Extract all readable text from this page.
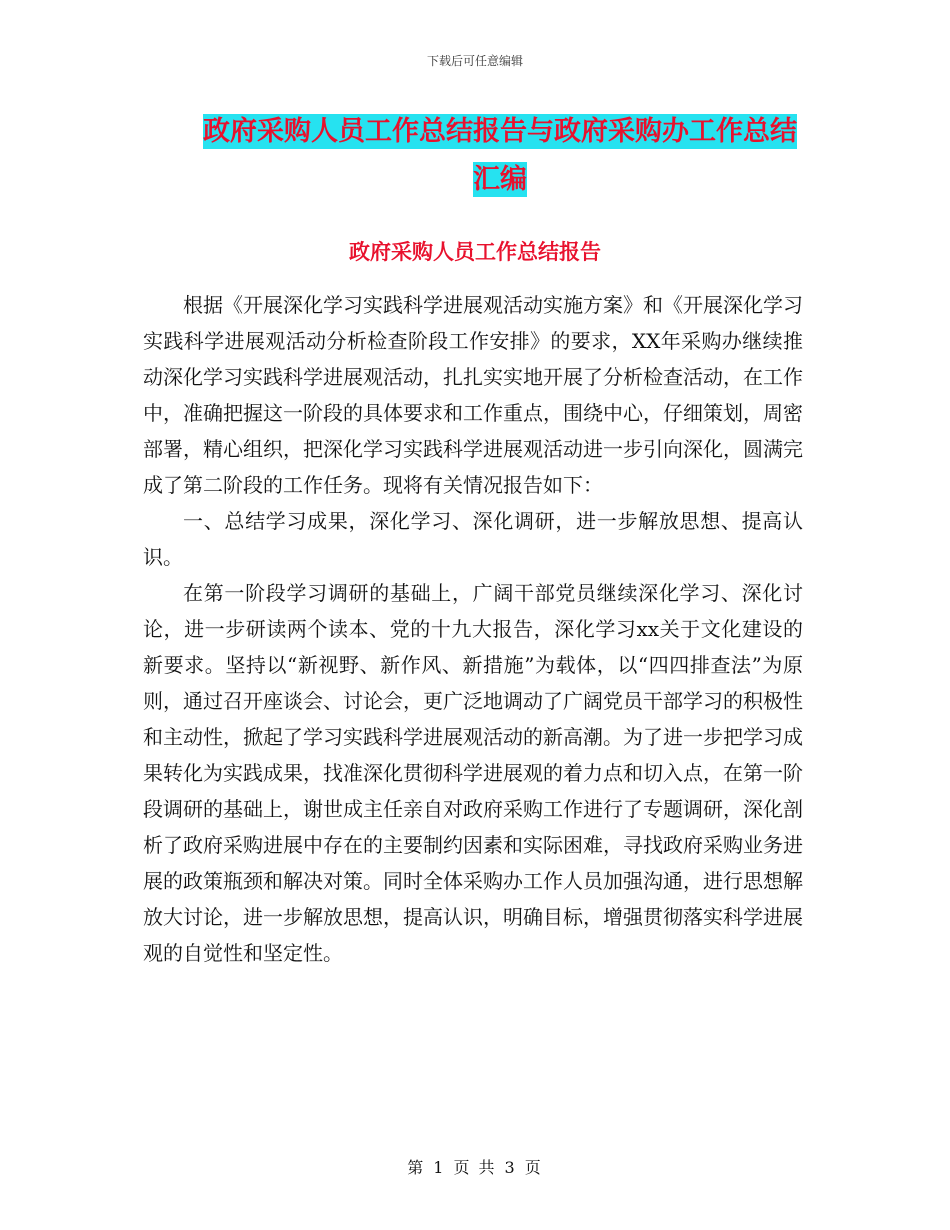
下载后可任意编辑
政府采购人员工作总结报告与政府采购办工作总结汇编
政府采购人员工作总结报告

根据《开展深化学习实践科学进展观活动实施方案》和《开展深化学习实践科学进展观活动分析检查阶段工作安排》的要求，XX年采购办继续推动深化学习实践科学进展观活动，扎扎实实地开展了分析检查活动，在工作中，准确把握这一阶段的具体要求和工作重点，围绕中心，仔细策划，周密部署，精心组织，把深化学习实践科学进展观活动进一步引向深化，圆满完成了第二阶段的工作任务。现将有关情况报告如下：

一、总结学习成果，深化学习、深化调研，进一步解放思想、提高认识。

在第一阶段学习调研的基础上，广阔干部党员继续深化学习、深化讨论，进一步研读两个读本、党的十九大报告，深化学习xx关于文化建设的新要求。坚持以“新视野、新作风、新措施”为载体，以“四四排查法”为原则，通过召开座谈会、讨论会，更广泛地调动了广阔党员干部学习的积极性和主动性，掀起了学习实践科学进展观活动的新高潮。为了进一步把学习成果转化为实践成果，找准深化贯彻科学进展观的着力点和切入点，在第一阶段调研的基础上，谢世成主任亲自对政府采购工作进行了专题调研，深化剖析了政府采购进展中存在的主要制约因素和实际困难，寻找政府采购业务进展的政策瓶颈和解决对策。同时全体采购办工作人员加强沟通，进行思想解放大讨论，进一步解放思想，提高认识，明确目标，增强贯彻落实科学进展观的自觉性和坚定性。

第 1 页 共 3 页
